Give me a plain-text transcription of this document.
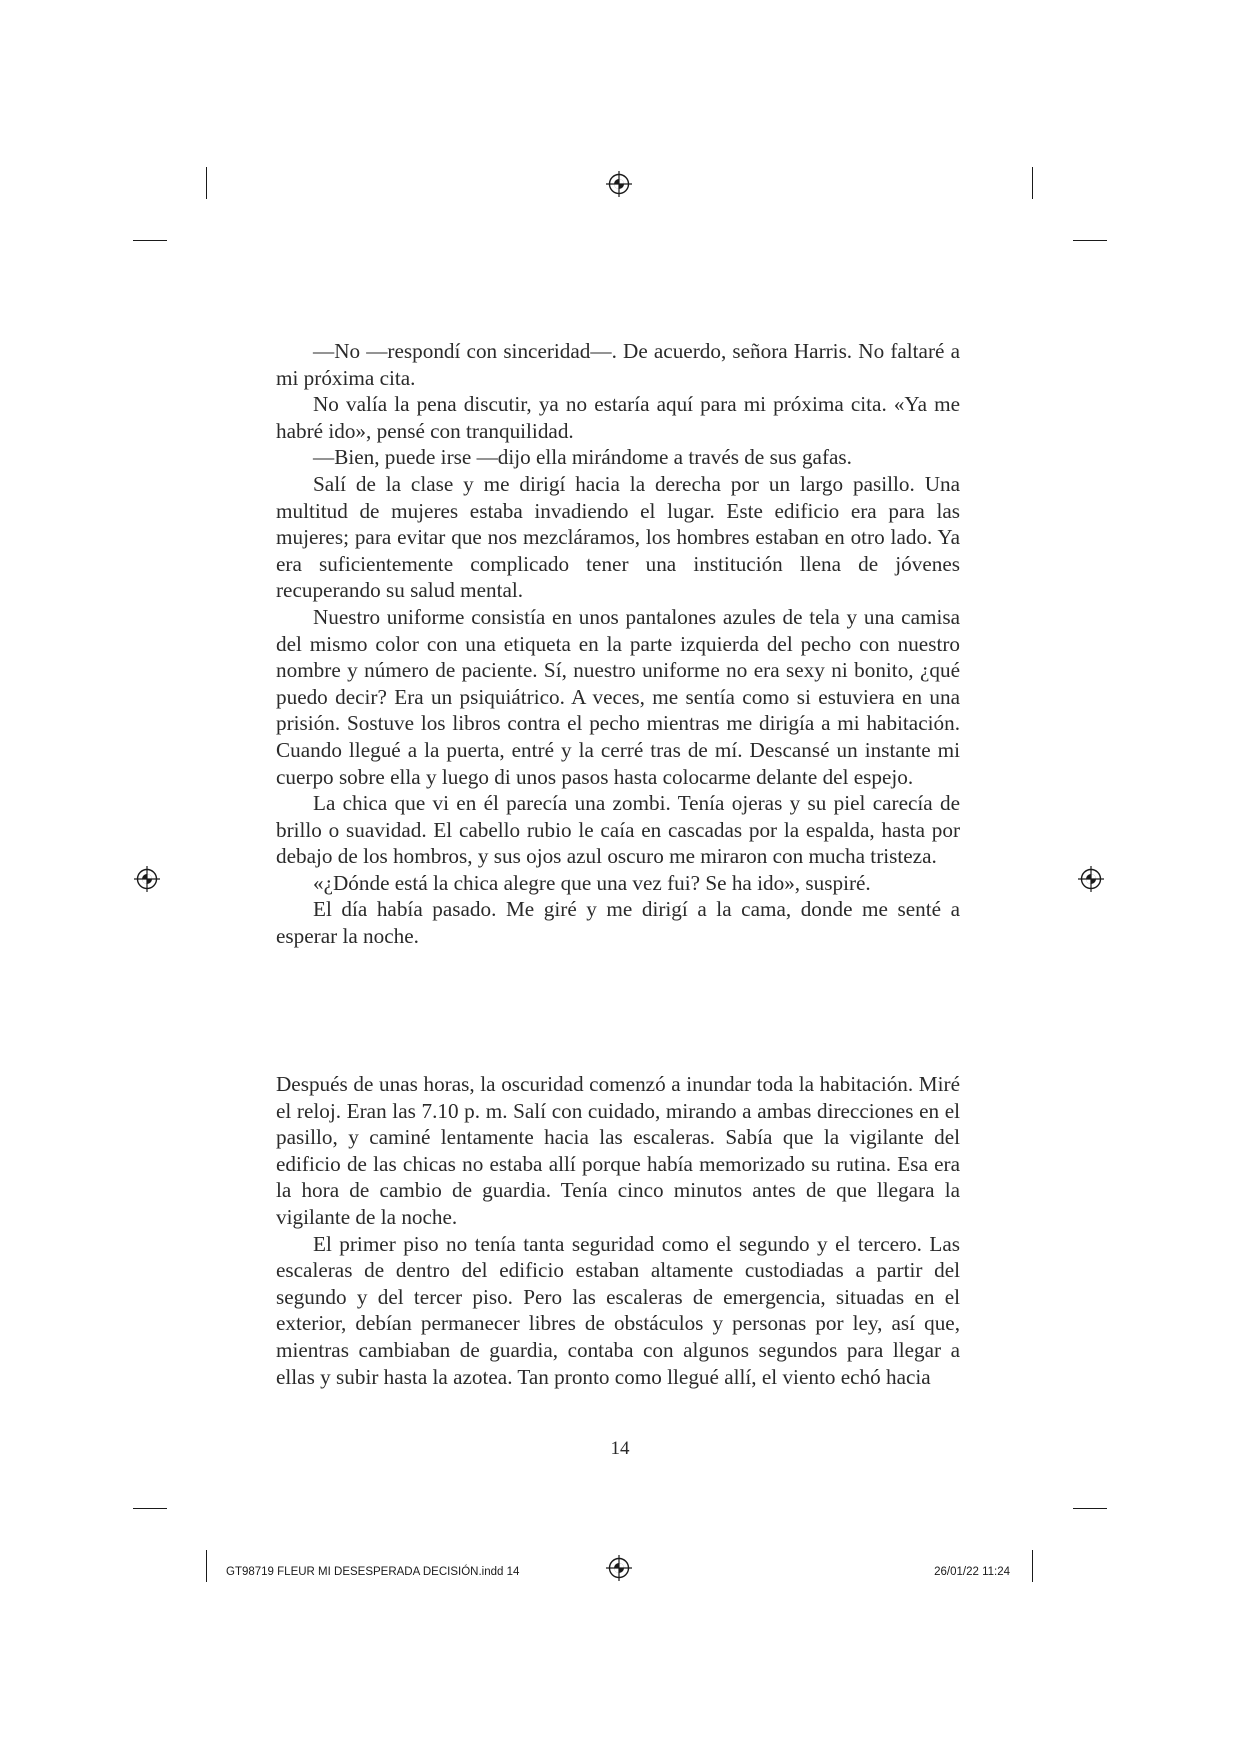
—No —respondí con sinceridad—. De acuerdo, señora Harris. No faltaré a mi próxima cita.

No valía la pena discutir, ya no estaría aquí para mi próxima cita. «Ya me habré ido», pensé con tranquilidad.

—Bien, puede irse —dijo ella mirándome a través de sus gafas.

Salí de la clase y me dirigí hacia la derecha por un largo pasillo. Una multitud de mujeres estaba invadiendo el lugar. Este edificio era para las mujeres; para evitar que nos mezcláramos, los hombres estaban en otro lado. Ya era suficientemente complicado tener una institución llena de jóvenes recuperando su salud mental.

Nuestro uniforme consistía en unos pantalones azules de tela y una camisa del mismo color con una etiqueta en la parte izquierda del pecho con nuestro nombre y número de paciente. Sí, nuestro uniforme no era sexy ni bonito, ¿qué puedo decir? Era un psiquiátrico. A veces, me sentía como si estuviera en una prisión. Sostuve los libros contra el pecho mientras me dirigía a mi habitación. Cuando llegué a la puerta, entré y la cerré tras de mí. Descansé un instante mi cuerpo sobre ella y luego di unos pasos hasta colocarme delante del espejo.

La chica que vi en él parecía una zombi. Tenía ojeras y su piel carecía de brillo o suavidad. El cabello rubio le caía en cascadas por la espalda, hasta por debajo de los hombros, y sus ojos azul oscuro me miraron con mucha tristeza.

«¿Dónde está la chica alegre que una vez fui? Se ha ido», suspiré.

El día había pasado. Me giré y me dirigí a la cama, donde me senté a esperar la noche.

Después de unas horas, la oscuridad comenzó a inundar toda la habitación. Miré el reloj. Eran las 7.10 p. m. Salí con cuidado, mirando a ambas direcciones en el pasillo, y caminé lentamente hacia las escaleras. Sabía que la vigilante del edificio de las chicas no estaba allí porque había memorizado su rutina. Esa era la hora de cambio de guardia. Tenía cinco minutos antes de que llegara la vigilante de la noche.

El primer piso no tenía tanta seguridad como el segundo y el tercero. Las escaleras de dentro del edificio estaban altamente custodiadas a partir del segundo y del tercer piso. Pero las escaleras de emergencia, situadas en el exterior, debían permanecer libres de obstáculos y personas por ley, así que, mientras cambiaban de guardia, contaba con algunos segundos para llegar a ellas y subir hasta la azotea. Tan pronto como llegué allí, el viento echó hacia

14
GT98719 FLEUR MI DESESPERADA DECISIÓN.indd 14	26/01/22 11:24
